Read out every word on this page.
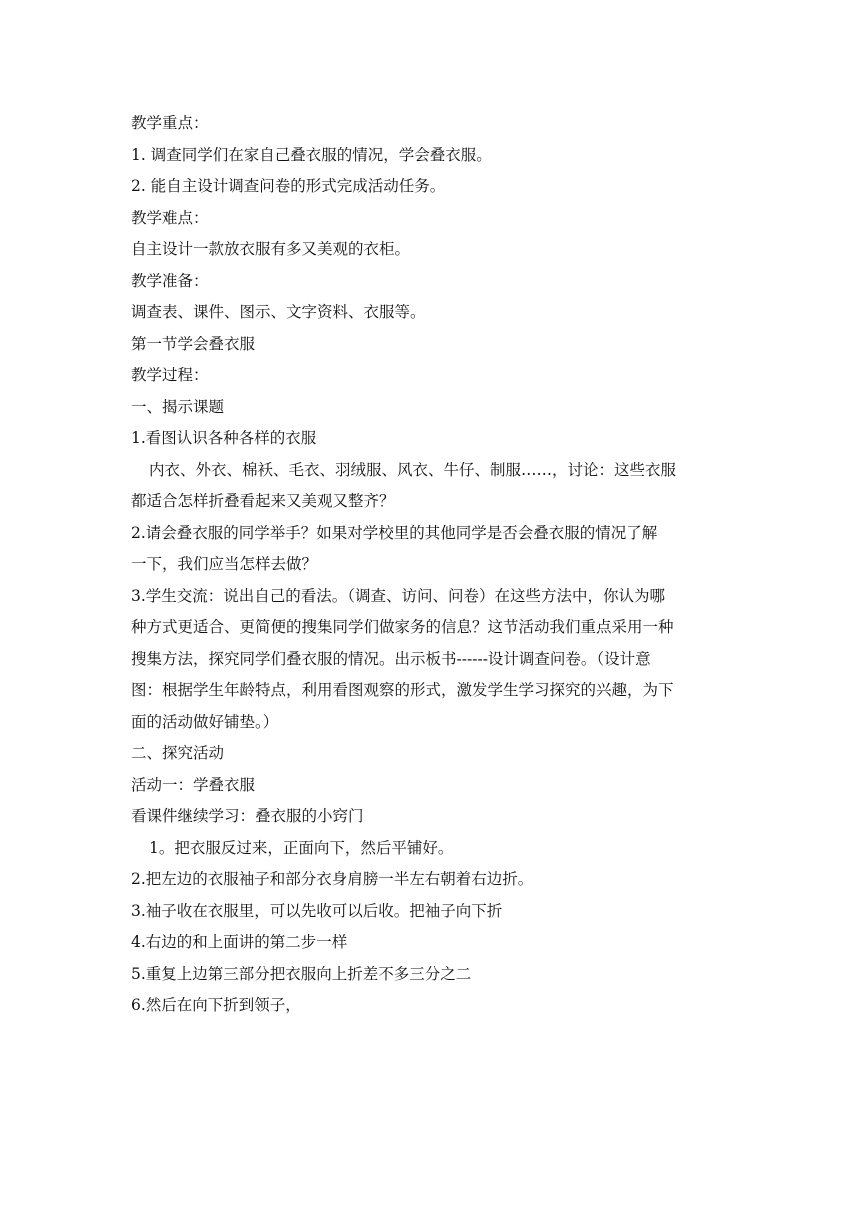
教学重点：

1. 调查同学们在家自己叠衣服的情况，学会叠衣服。

2. 能自主设计调查问卷的形式完成活动任务。

教学难点：

自主设计一款放衣服有多又美观的衣柜。

教学准备：

调查表、课件、图示、文字资料、衣服等。

第一节学会叠衣服

教学过程：

一、揭示课题

1.看图认识各种各样的衣服

内衣、外衣、棉袄、毛衣、羽绒服、风衣、牛仔、制服……，讨论：这些衣服

都适合怎样折叠看起来又美观又整齐？

2.请会叠衣服的同学举手？如果对学校里的其他同学是否会叠衣服的情况了解

一下，我们应当怎样去做？

3.学生交流：说出自己的看法。（调查、访问、问卷）在这些方法中，你认为哪

种方式更适合、更简便的搜集同学们做家务的信息？这节活动我们重点采用一种

搜集方法，探究同学们叠衣服的情况。出示板书------设计调查问卷。（设计意

图：根据学生年龄特点，利用看图观察的形式，激发学生学习探究的兴趣，为下

面的活动做好铺垫。）

二、探究活动

活动一：学叠衣服

看课件继续学习：叠衣服的小窍门

1。把衣服反过来，正面向下，然后平铺好。

2.把左边的衣服袖子和部分衣身肩膀一半左右朝着右边折。

3.袖子收在衣服里，可以先收可以后收。把袖子向下折

4.右边的和上面讲的第二步一样

5.重复上边第三部分把衣服向上折差不多三分之二

6.然后在向下折到领子，
